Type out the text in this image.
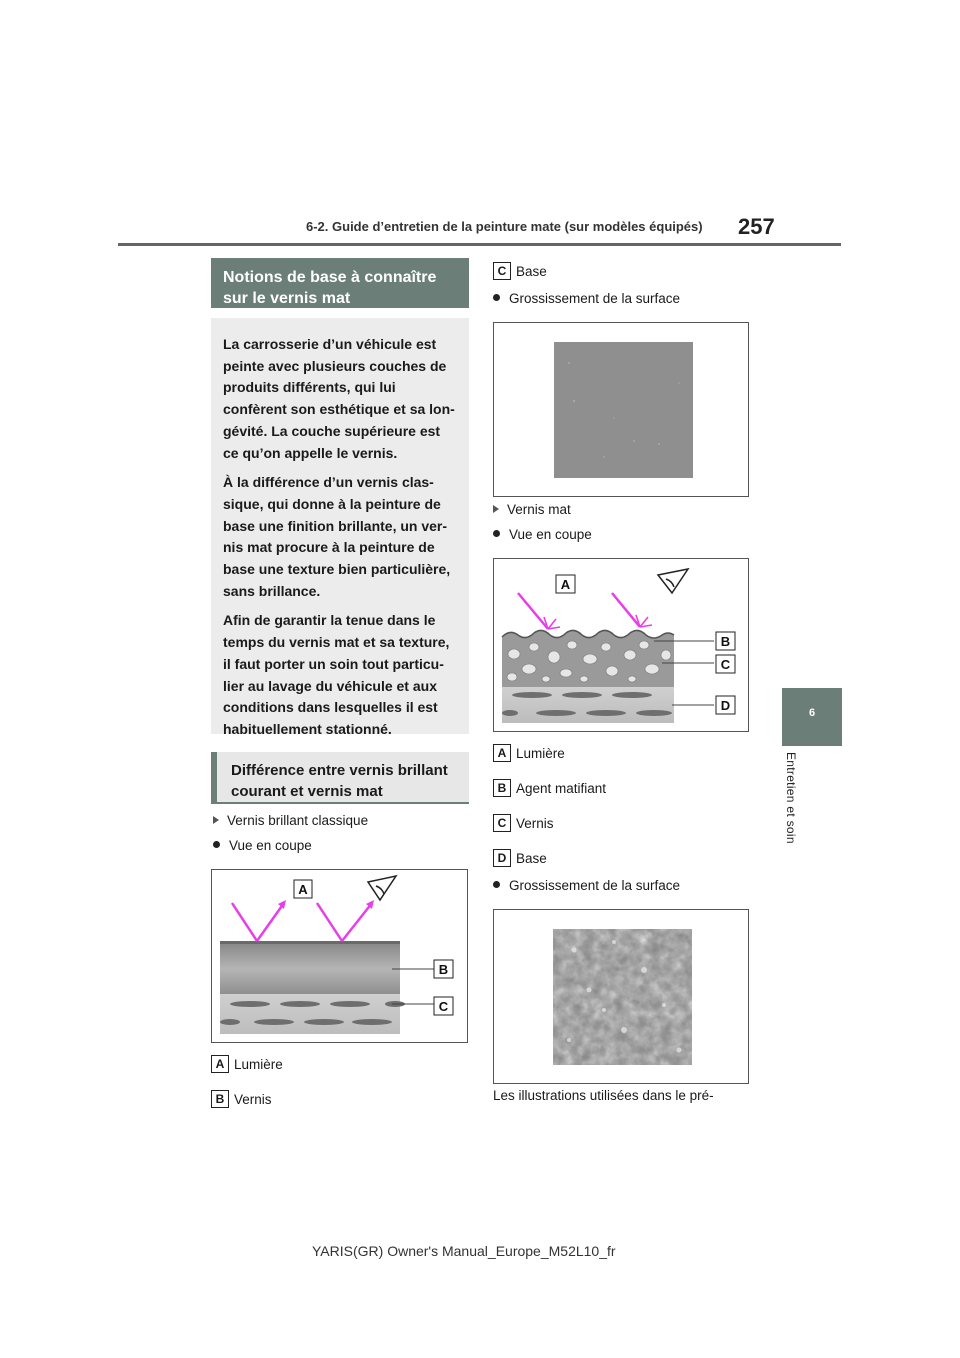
6-2. Guide d’entretien de la peinture mate (sur modèles équipés) 257
6
Entretien et soin
Notions de base à connaître sur le vernis mat

La carrosserie d’un véhicule est peinte avec plusieurs couches de produits différents, qui lui confèrent son esthétique et sa lon-gévité. La couche supérieure est ce qu’on appelle le vernis.

À la différence d’un vernis clas-sique, qui donne à la peinture de base une finition brillante, un ver-nis mat procure à la peinture de base une texture bien particulière, sans brillance.

Afin de garantir la tenue dans le temps du vernis mat et sa texture, il faut porter un soin tout particu-lier au lavage du véhicule et aux conditions dans lesquelles il est habituellement stationné.

Différence entre vernis brillant courant et vernis mat
Vernis brillant classique
Vue en coupe
A
B
C
A Lumière
B Vernis
C Base
Grossissement de la surface
Vernis mat
Vue en coupe
A
B
C
D
A Lumière
B Agent matifiant
C Vernis
D Base
Grossissement de la surface
Les illustrations utilisées dans le pré-
YARIS(GR) Owner's Manual_Europe_M52L10_fr
